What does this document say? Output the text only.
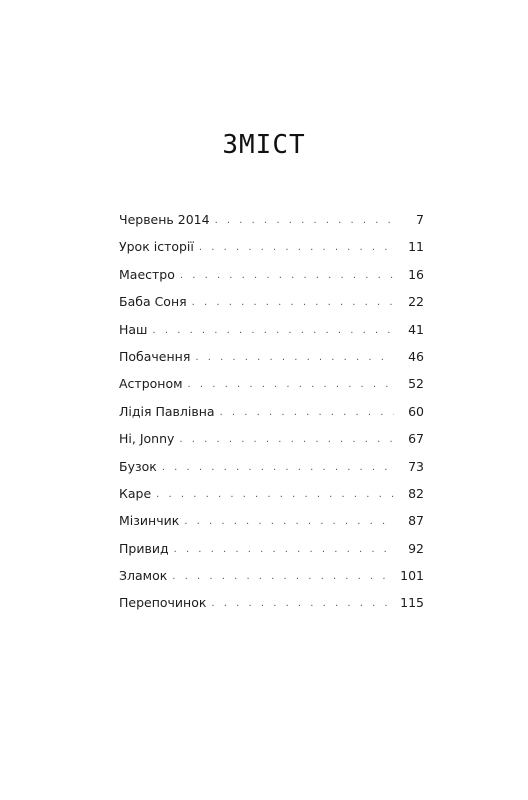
ЗМІСТ
Червень 2014 . . .	7
Урок історії . . .	11
Маестро . . .	16
Баба Соня . . .	22
Наш . . .	41
Побачення . . .	46
Астроном . . .	52
Лідія Павлівна . . .	60
Hi, Jonny . . .	67
Бузок . . .	73
Каре . . .	82
Мізинчик . . .	87
Привид . . .	92
Зламок . . .	101
Перепочинок . . .	115
